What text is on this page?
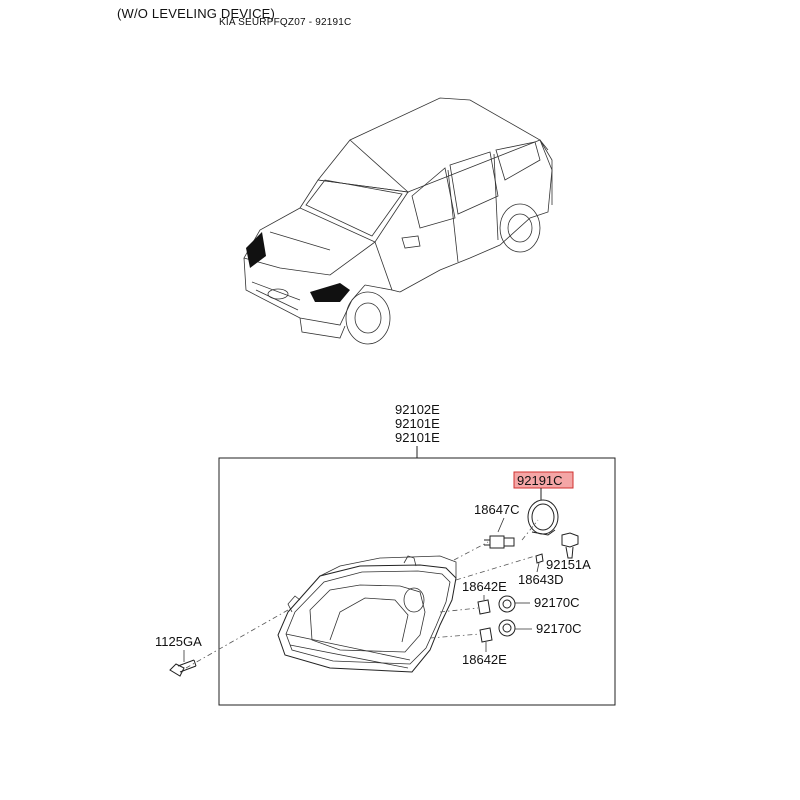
(W/O LEVELING DEVICE)
KIA SEURPFQZ07 - 92191C
92102E
92101E
92101E
92191C
18647C
92151A
18643D
18642E
92170C
92170C
18642E
1125GA
